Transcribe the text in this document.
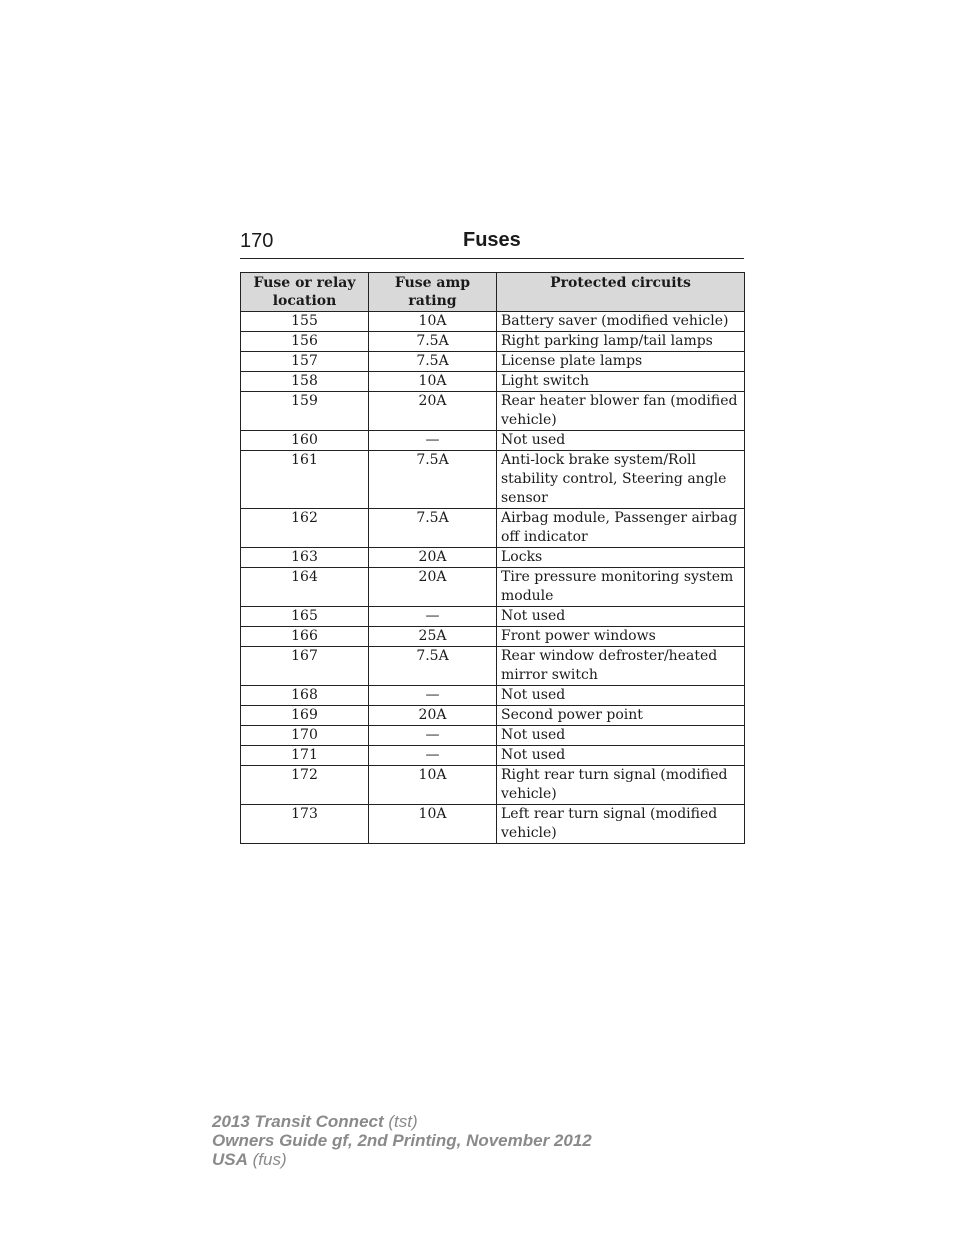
170	Fuses
Fuse or relay location	Fuse amp rating	Protected circuits
155	10A	Battery saver (modified vehicle)
156	7.5A	Right parking lamp/tail lamps
157	7.5A	License plate lamps
158	10A	Light switch
159	20A	Rear heater blower fan (modified vehicle)
160	—	Not used
161	7.5A	Anti-lock brake system/Roll stability control, Steering angle sensor
162	7.5A	Airbag module, Passenger airbag off indicator
163	20A	Locks
164	20A	Tire pressure monitoring system module
165	—	Not used
166	25A	Front power windows
167	7.5A	Rear window defroster/heated mirror switch
168	—	Not used
169	20A	Second power point
170	—	Not used
171	—	Not used
172	10A	Right rear turn signal (modified vehicle)
173	10A	Left rear turn signal (modified vehicle)
2013 Transit Connect (tst)
Owners Guide gf, 2nd Printing, November 2012
USA (fus)
